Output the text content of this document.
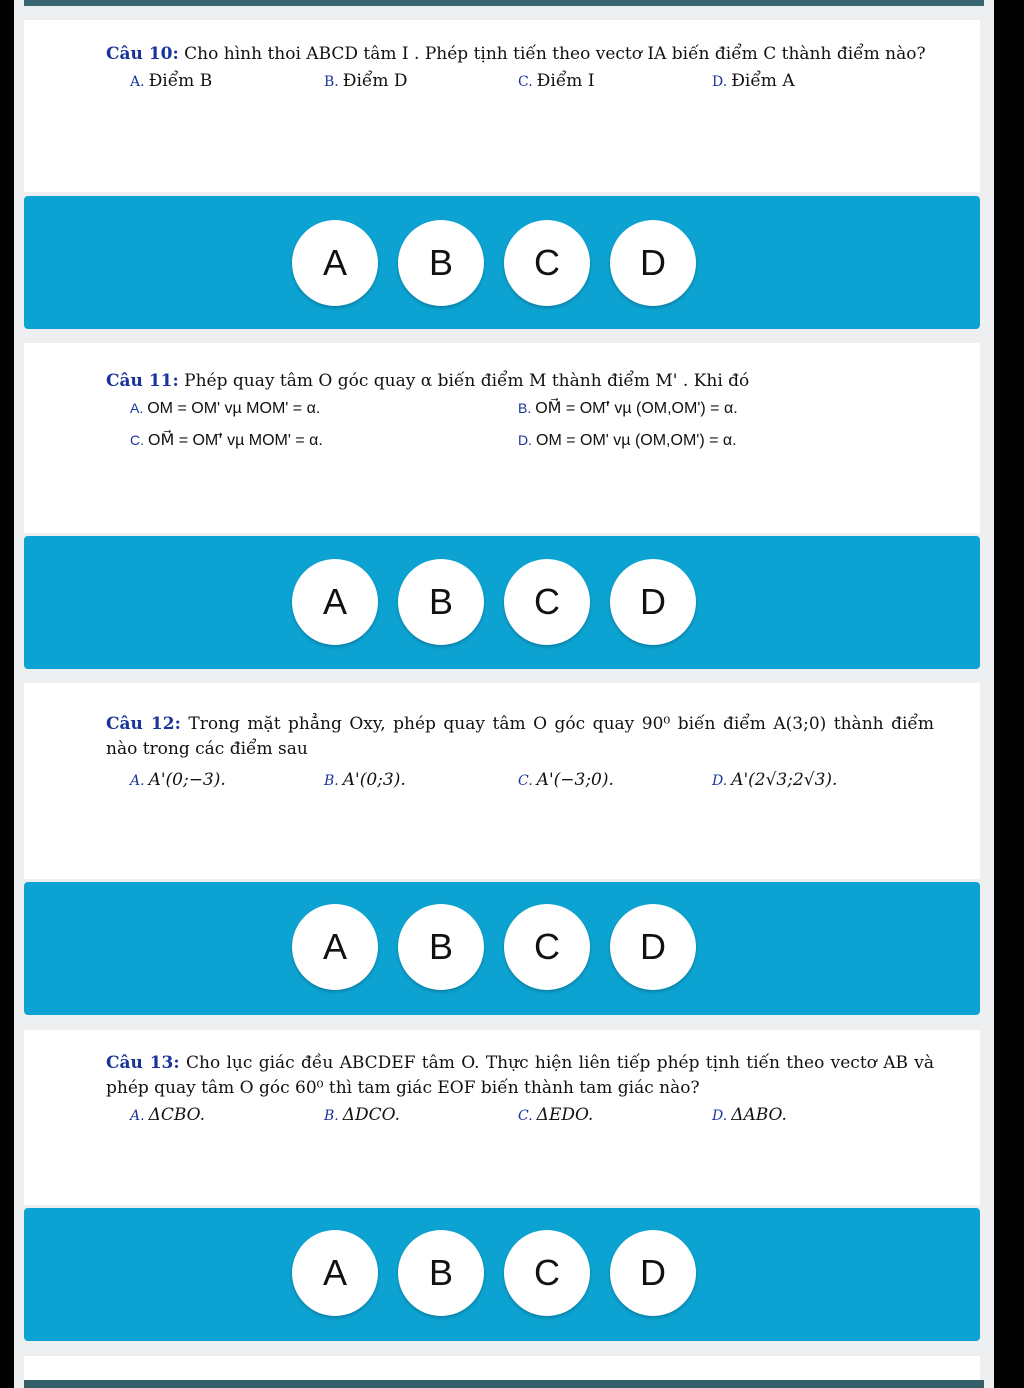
Câu 10: Cho hình thoi ABCD tâm I . Phép tịnh tiến theo vectơ IA biến điểm C thành điểm nào?
A. Điểm B	B. Điểm D	C. Điểm I	D. Điểm A
A	B	C	D
Câu 11: Phép quay tâm O góc quay α biến điểm M thành điểm M' . Khi đó
A. OM = OM' vµ MOM' = α.	B. OM⃗ = OM'⃗ vµ (OM,OM') = α.
C. OM⃗ = OM'⃗ vµ MOM' = α.	D. OM = OM' vµ (OM,OM') = α.
A	B	C	D
Câu 12: Trong mặt phẳng Oxy, phép quay tâm O góc quay 90⁰ biến điểm A(3;0) thành điểm nào trong các điểm sau
A. A'(0;−3).	B. A'(0;3).	C. A'(−3;0).	D. A'(2√3;2√3).
A	B	C	D
Câu 13: Cho lục giác đều ABCDEF tâm O. Thực hiện liên tiếp phép tịnh tiến theo vectơ AB và phép quay tâm O góc 60⁰ thì tam giác EOF biến thành tam giác nào?
A. ΔCBO.	B. ΔDCO.	C. ΔEDO.	D. ΔABO.
A	B	C	D
